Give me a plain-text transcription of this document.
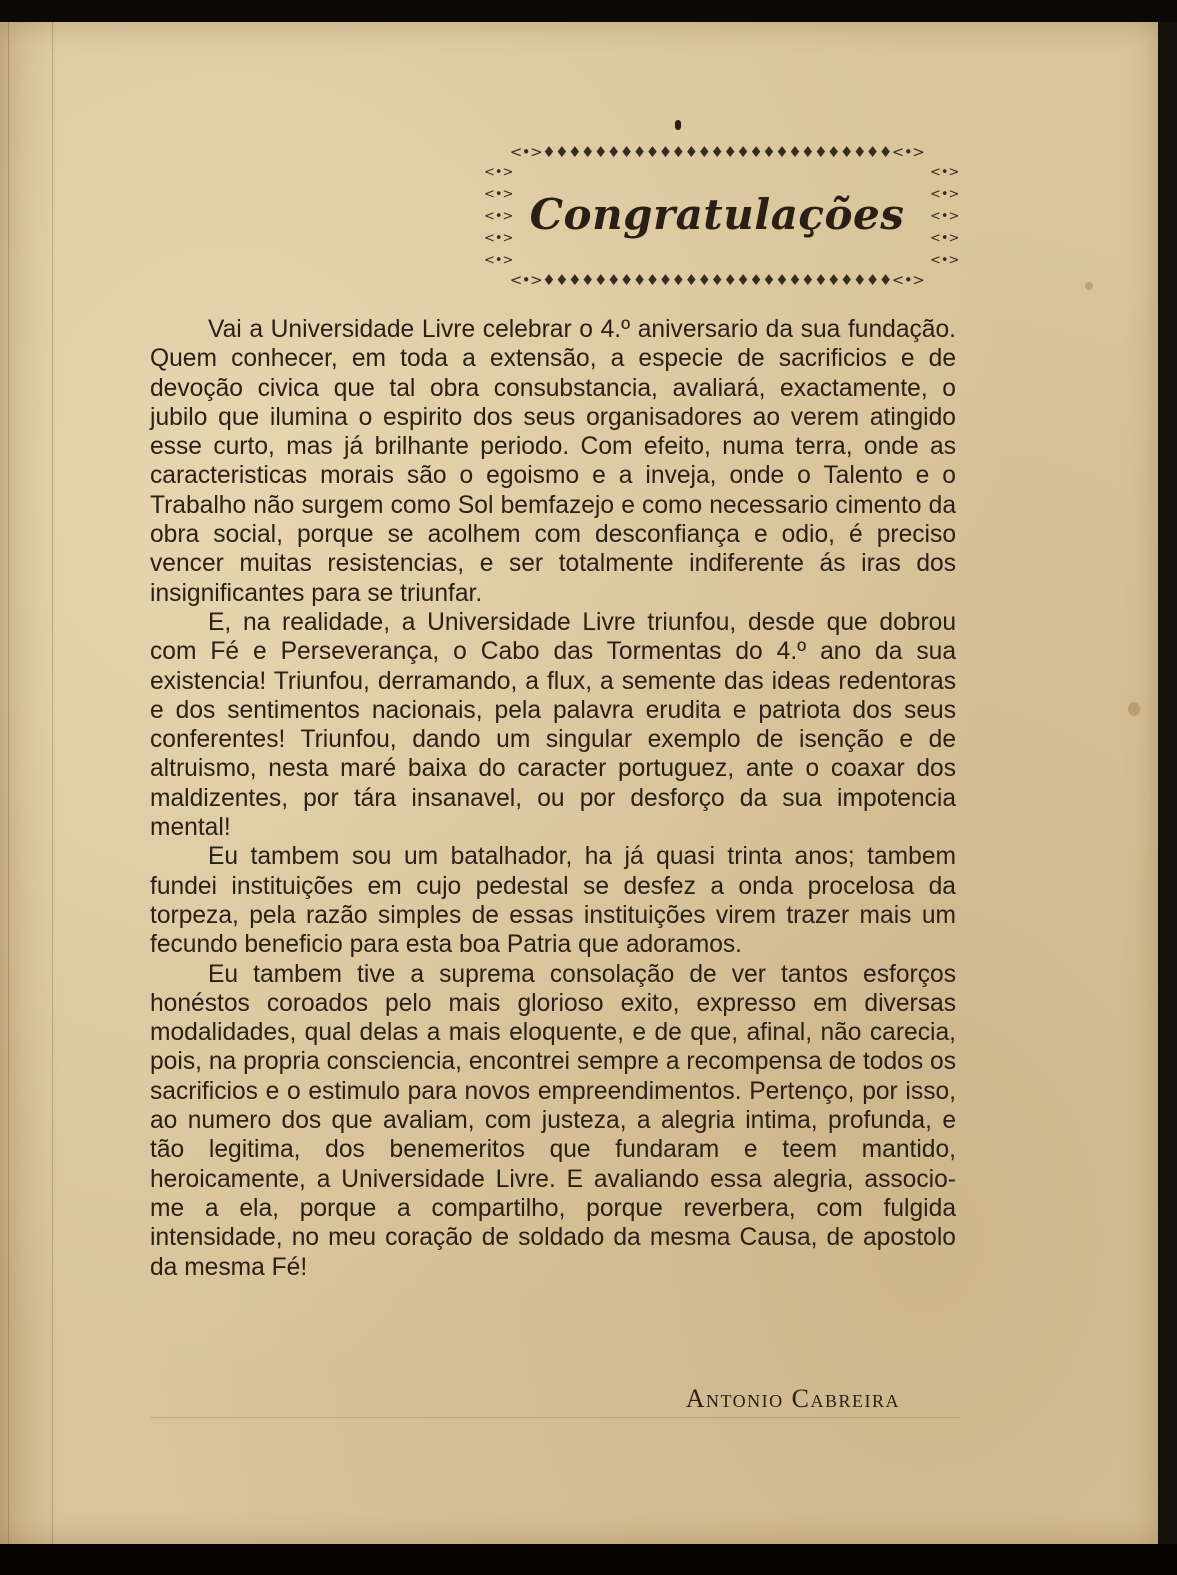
<•>♦♦♦♦♦♦♦♦♦♦♦♦♦♦♦♦♦♦♦♦♦♦♦♦♦♦♦<•>
<•>
<•>
<•>
<•>
<•>
<•>
<•>
<•>
<•>
<•>
Congratulações
<•>♦♦♦♦♦♦♦♦♦♦♦♦♦♦♦♦♦♦♦♦♦♦♦♦♦♦♦<•>

Vai a Universidade Livre celebrar o 4.º aniversario da sua fundação. Quem conhecer, em toda a extensão, a especie de sacrificios e de devoção civica que tal obra consubstancia, avaliará, exactamente, o jubilo que ilumina o espirito dos seus organisadores ao verem atingido esse curto, mas já brilhante periodo. Com efeito, numa terra, onde as caracteristicas morais são o egoismo e a inveja, onde o Talento e o Trabalho não surgem como Sol bemfazejo e como necessario cimento da obra social, porque se acolhem com desconfiança e odio, é preciso vencer muitas resistencias, e ser totalmente indiferente ás iras dos insignificantes para se triunfar.

E, na realidade, a Universidade Livre triunfou, desde que dobrou com Fé e Perseverança, o Cabo das Tormentas do 4.º ano da sua existencia! Triunfou, derramando, a flux, a semente das ideas redentoras e dos sentimentos nacionais, pela palavra erudita e patriota dos seus conferentes! Triunfou, dando um singular exemplo de isenção e de altruismo, nesta maré baixa do caracter portuguez, ante o coaxar dos maldizentes, por tára insanavel, ou por desforço da sua impotencia mental!

Eu tambem sou um batalhador, ha já quasi trinta anos; tambem fundei instituições em cujo pedestal se desfez a onda procelosa da torpeza, pela razão simples de essas instituições virem trazer mais um fecundo beneficio para esta boa Patria que adoramos.

Eu tambem tive a suprema consolação de ver tantos esforços honéstos coroados pelo mais glorioso exito, expresso em diversas modalidades, qual delas a mais eloquente, e de que, afinal, não carecia, pois, na propria consciencia, encontrei sempre a recompensa de todos os sacrificios e o estimulo para novos empreendimentos. Pertenço, por isso, ao numero dos que avaliam, com justeza, a alegria intima, profunda, e tão legitima, dos benemeritos que fundaram e teem mantido, heroicamente, a Universidade Livre. E avaliando essa alegria, associo-me a ela, porque a compartilho, porque reverbera, com fulgida intensidade, no meu coração de soldado da mesma Causa, de apostolo da mesma Fé!

Antonio Cabreira
